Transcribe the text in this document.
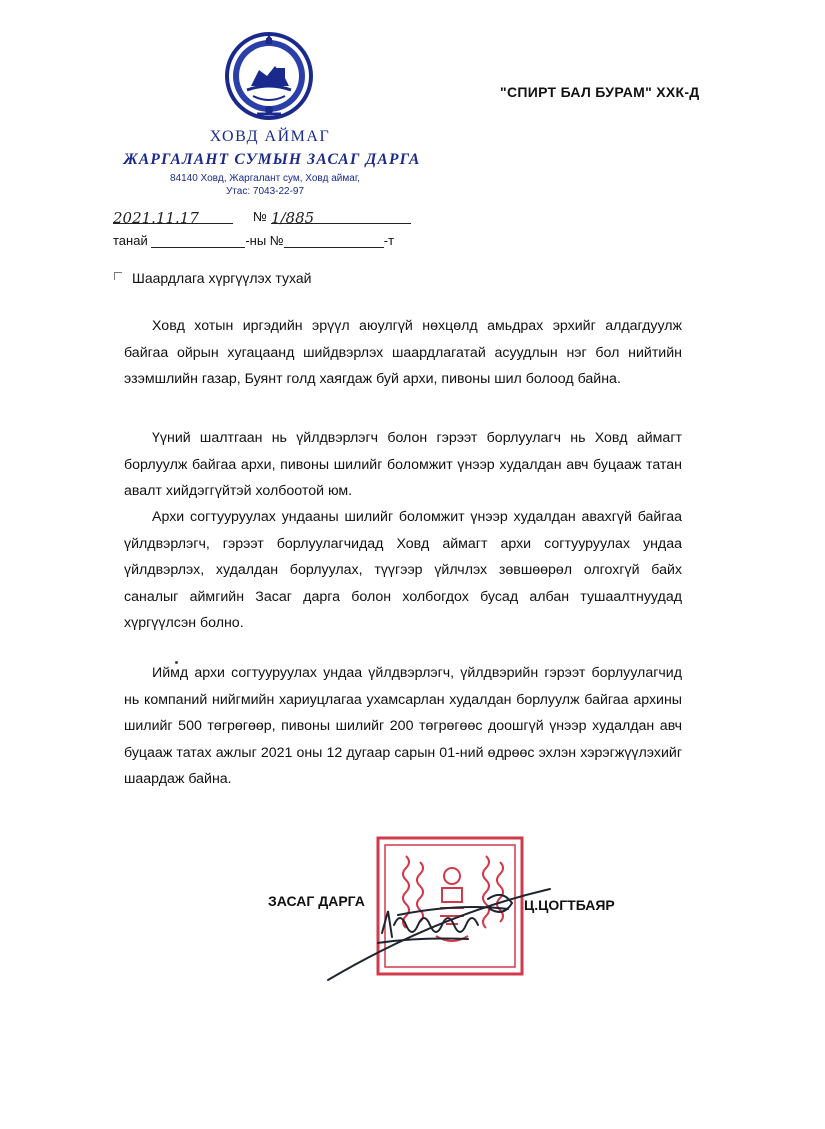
ХОВД АЙМАГ
ЖАРГАЛАНТ СУМЫН ЗАСАГ ДАРГА
84140 Ховд, Жаргалант сум, Ховд аймаг,
Утас: 7043-22-97
"СПИРТ БАЛ БУРАМ" ХХК-Д
2021.11.17	№ 1/885
танай	-ны №	-т
Шаардлага хүргүүлэх тухай
Ховд хотын иргэдийн эрүүл аюулгүй нөхцөлд амьдрах эрхийг алдагдуулж байгаа ойрын хугацаанд шийдвэрлэх шаардлагатай асуудлын нэг бол нийтийн эзэмшлийн газар, Буянт голд хаягдаж буй архи, пивоны шил болоод байна.
Үүний шалтгаан нь үйлдвэрлэгч болон гэрээт борлуулагч нь Ховд аймагт борлуулж байгаа архи, пивоны шилийг боломжит үнээр худалдан авч буцааж татан авалт хийдэггүйтэй холбоотой юм.
Архи согтууруулах ундааны шилийг боломжит үнээр худалдан авахгүй байгаа үйлдвэрлэгч, гэрээт борлуулагчидад Ховд аймагт архи согтууруулах ундаа үйлдвэрлэх, худалдан борлуулах, түүгээр үйлчлэх зөвшөөрөл олгохгүй байх саналыг аймгийн Засаг дарга болон холбогдох бусад албан тушаалтнуудад хүргүүлсэн болно.
Иймд архи согтууруулах ундаа үйлдвэрлэгч, үйлдвэрийн гэрээт борлуулагчид нь компаний нийгмийн хариуцлагаа ухамсарлан худалдан борлуулж байгаа архины шилийг 500 төгрөгөөр, пивоны шилийг 200 төгрөгөөс доошгүй үнээр худалдан авч буцааж татах ажлыг 2021 оны 12 дугаар сарын 01-ний өдрөөс эхлэн хэрэгжүүлэхийг шаардаж байна.
ЗАСАГ ДАРГА	Ц.ЦОГТБАЯР
